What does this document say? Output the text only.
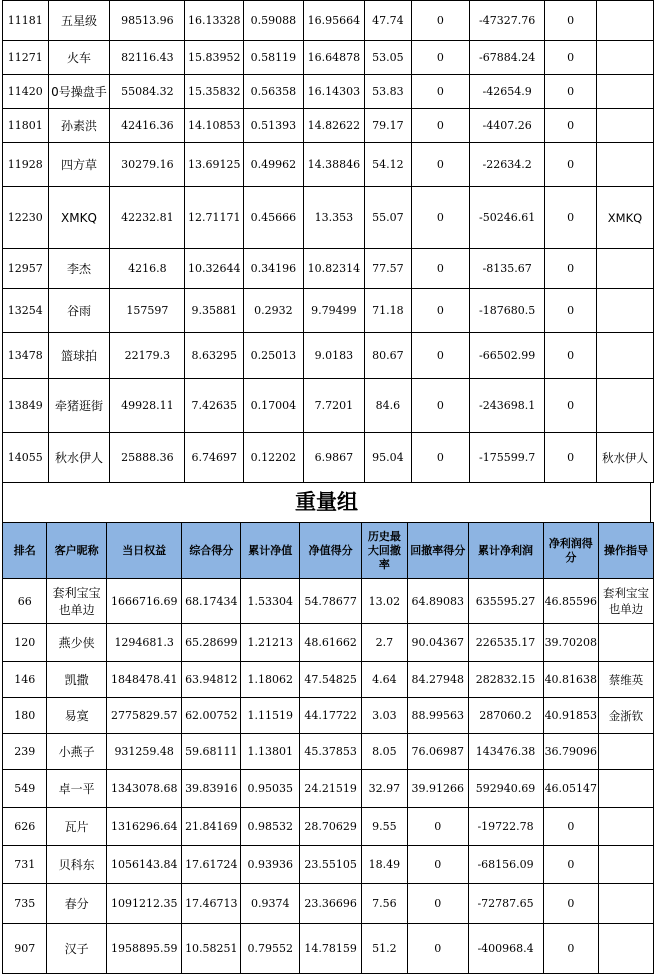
11181	五星级	98513.96	16.13328	0.59088	16.95664	47.74	0	-47327.76	0	
11271	火车	82116.43	15.83952	0.58119	16.64878	53.05	0	-67884.24	0	
11420	0号操盘手	55084.32	15.35832	0.56358	16.14303	53.83	0	-42654.9	0	
11801	孙素洪	42416.36	14.10853	0.51393	14.82622	79.17	0	-4407.26	0	
11928	四方草	30279.16	13.69125	0.49962	14.38846	54.12	0	-22634.2	0	
12230	XMKQ	42232.81	12.71171	0.45666	13.353	55.07	0	-50246.61	0	XMKQ
12957	李杰	4216.8	10.32644	0.34196	10.82314	77.57	0	-8135.67	0	
13254	谷雨	157597	9.35881	0.2932	9.79499	71.18	0	-187680.5	0	
13478	篮球拍	22179.3	8.63295	0.25013	9.0183	80.67	0	-66502.99	0	
13849	牵猪逛街	49928.11	7.42635	0.17004	7.7201	84.6	0	-243698.1	0	
14055	秋水伊人	25888.36	6.74697	0.12202	6.9867	95.04	0	-175599.7	0	秋水伊人
重量组
排名	客户昵称	当日权益	综合得分	累计净值	净值得分	历史最大回撤率	回撤率得分	累计净利润	净利润得分	操作指导
66	套利宝宝也单边	1666716.69	68.17434	1.53304	54.78677	13.02	64.89083	635595.27	46.85596	套利宝宝也单边
120	燕少侠	1294681.3	65.28699	1.21213	48.61662	2.7	90.04367	226535.17	39.70208	
146	凯撒	1848478.41	63.94812	1.18062	47.54825	4.64	84.27948	282832.15	40.81638	蔡维英
180	易寞	2775829.57	62.00752	1.11519	44.17722	3.03	88.99563	287060.2	40.91853	金浙钦
239	小燕子	931259.48	59.68111	1.13801	45.37853	8.05	76.06987	143476.38	36.79096	
549	卓一平	1343078.68	39.83916	0.95035	24.21519	32.97	39.91266	592940.69	46.05147	
626	瓦片	1316296.64	21.84169	0.98532	28.70629	9.55	0	-19722.78	0	
731	贝科东	1056143.84	17.61724	0.93936	23.55105	18.49	0	-68156.09	0	
735	春分	1091212.35	17.46713	0.9374	23.36696	7.56	0	-72787.65	0	
907	汉子	1958895.59	10.58251	0.79552	14.78159	51.2	0	-400968.4	0	
